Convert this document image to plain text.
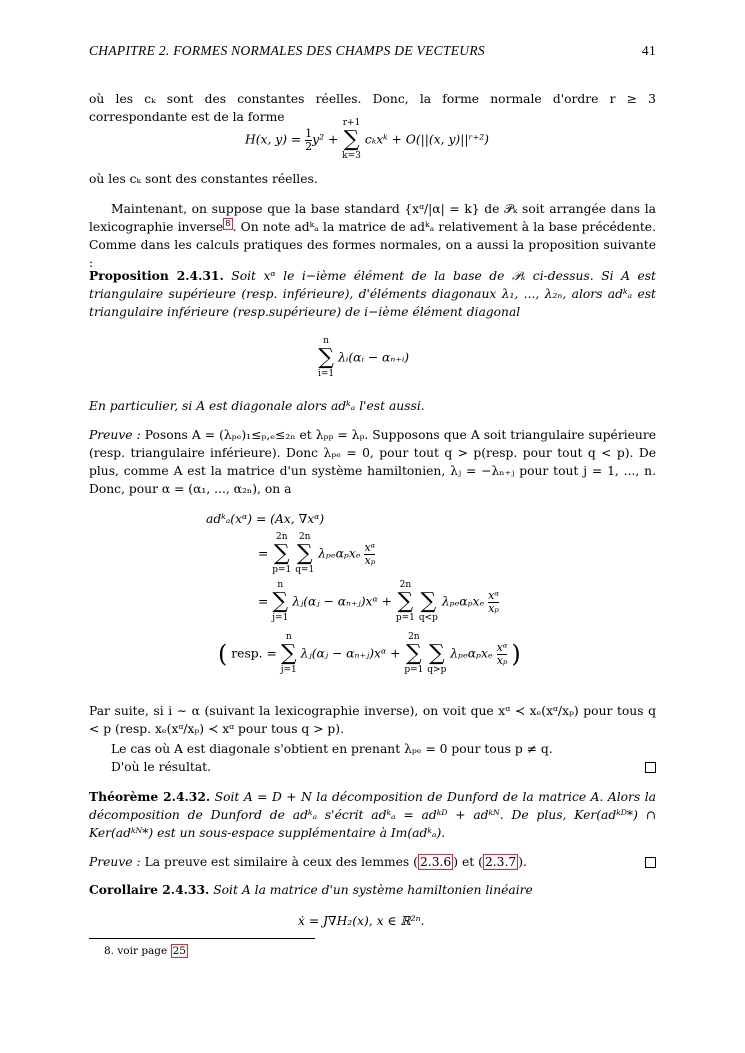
CHAPITRE 2. FORMES NORMALES DES CHAMPS DE VECTEURS	41
où les cₖ sont des constantes réelles. Donc, la forme normale d'ordre r ≥ 3 correspondante est de la forme
H(x, $y) = \frac{1}{2} y^2$ +
r+1
∑
k=3
cₖxᵏ + O(||(x, y)||ʳ⁺²)
où les cₖ sont des constantes réelles.
Maintenant, on suppose que la base standard {xᵅ/|α| = k} de 𝒫ₖ soit arrangée dans la lexicographie inverse $^8$ . On note adᵏₐ la matrice de adᵏₐ relativement à la base précédente. Comme dans les calculs pratiques des formes normales, on a aussi la proposition suivante :
Proposition 2.4.31. Soit xᵅ le i−ième élément de la base de 𝒫ₖ ci-dessus. Si A est triangulaire supérieure (resp. inférieure), d'éléments diagonaux λ₁, ..., λ₂ₙ, alors adᵏₐ est triangulaire inférieure (resp.supérieure) de i−ième élément diagonal
n
∑
i=1
λᵢ(αᵢ − αₙ₊ᵢ)
En particulier, si A est diagonale alors adᵏₐ l'est aussi.
Preuve : Posons A = (λₚₑ)₁≤ₚ,ₑ≤₂ₙ et λₚₚ = λₚ. Supposons que A soit triangulaire supérieure (resp. triangulaire inférieure). Donc λₚₑ = 0, pour tout q > p(resp. pour tout q < p). De plus, comme A est la matrice d'un système hamiltonien, λⱼ = −λₙ₊ⱼ pour tout j = 1, ..., n. Donc, pour α = (α₁, ..., α₂ₙ), on a
adᵏₐ(xᵅ) = (Ax, ∇xᵅ)
=
2n
∑
p=1

2n
∑
q=1
λₚₑαₚxₑ $\frac{\text{xᵅ}}{\text{xₚ}}$
=
n
∑
j=1
λⱼ(αⱼ − αₙ₊ⱼ)xᵅ +
2n
∑
p=1

∑
q<p
λₚₑαₚxₑ $\frac{\text{xᵅ}}{\text{xₚ}}$
( resp. =
n
∑
j=1
λⱼ(αⱼ − αₙ₊ⱼ)xᵅ +
2n
∑
p=1

∑
q>p
λₚₑαₚxₑ $\frac{\text{xᵅ}}{\text{xₚ}}$ )
Par suite, si i ∼ α (suivant la lexicographie inverse), on voit que xᵅ ≺ xₑ(xᵅ/xₚ) pour tous q < p (resp. xₑ(xᵅ/xₚ) ≺ xᵅ pour tous q > p).
Le cas où A est diagonale s'obtient en prenant λₚₑ = 0 pour tous p ≠ q.
D'où le résultat.
Théorème 2.4.32. Soit A = D + N la décomposition de Dunford de la matrice A. Alors la décomposition de Dunford de adᵏₐ s'écrit adᵏₐ = adᵏᴰ + adᵏᴺ. De plus, Ker(adᵏᴰ*) ∩ Ker(adᵏᴺ*) est un sous-espace supplémentaire à Im(adᵏₐ).
Preuve : La preuve est similaire à ceux des lemmes ( 2.3.6 ) et ( 2.3.7 ).
Corollaire 2.4.33. Soit A la matrice d'un système hamiltonien linéaire
ẋ = J∇H₂(x), x ∈ ℝ²ⁿ.
8. voir page 25
